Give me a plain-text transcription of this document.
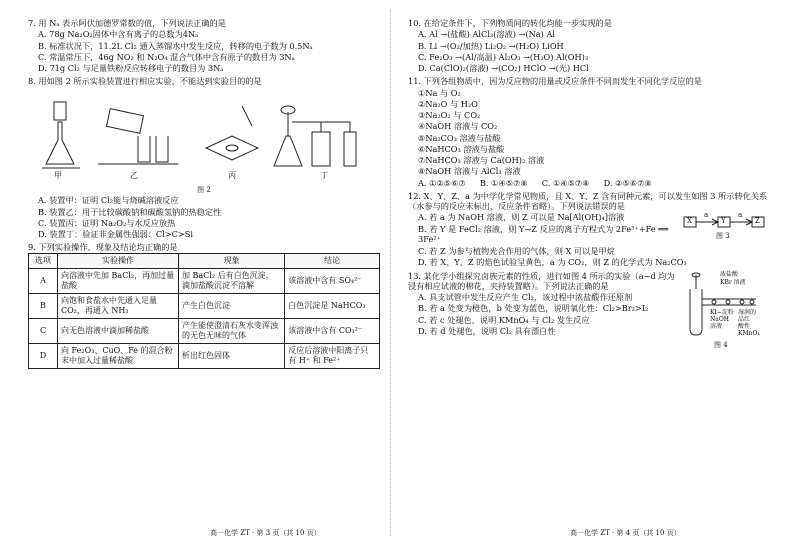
7. 用 Nₐ 表示阿伏加德罗常数的值，下列说法正确的是
A. 78g Na₂O₂固体中含有离子的总数为4Nₐ
B. 标准状况下，11.2L Cl₂ 通入蒸馏水中发生反应，转移的电子数为 0.5Nₐ
C. 常温常压下，46g NO₂ 和 N₂O₄ 混合气体中含有原子的数目为 3Nₐ
D. 71g Cl₂ 与足量铁粉反应转移电子的数目为 3Nₐ
8. 用如图 2 所示实验装置进行相应实验，不能达到实验目的的是
甲	乙	丙	丁
图 2
A. 装置甲：证明 Cl₂能与烧碱溶液反应
B. 装置乙：用于比较碳酸钠和碳酸氢钠的热稳定性
C. 装置丙：证明 Na₂O₂与水反应放热
D. 装置丁：验证非金属性强弱：Cl>C>Si
9. 下列实验操作、现象及结论均正确的是
选项	实验操作	现象	结论
A	向溶液中先加 BaCl₂，再加过量盐酸	加 BaCl₂ 后有白色沉淀，滴加盐酸沉淀不溶解	该溶液中含有 SO₄²⁻
B	向饱和食盐水中先通入足量 CO₂，再通入 NH₃	产生白色沉淀	白色沉淀是 NaHCO₃
C	向无色溶液中滴加稀盐酸	产生能使澄清石灰水变浑浊的无色无味的气体	该溶液中含有 CO₃²⁻
D	向 Fe₂O₃、CuO、Fe 的混合粉末中加入过量稀盐酸	析出红色固体	反应后溶液中阳离子只有 H⁺ 和 Fe²⁺
高一化学 ZT · 第 3 页（共 10 页）
10. 在给定条件下，下列物质间的转化均能一步实现的是
A. Al →(盐酸) AlCl₃(溶液) →(Na) Al
B. Li →(O₂/加热) Li₂O₂ →(H₂O) LiOH
C. Fe₂O₃ →(Al/高温) Al₂O₃ →(H₂O) Al(OH)₃
D. Ca(ClO)₂(溶液) →(CO₂) HClO →(光) HCl
11. 下列各组物质中，因为反应物的用量或反应条件不同而发生不同化学反应的是
①Na 与 O₂
②Na₂O 与 H₂O
③Na₂O₂ 与 CO₂
④NaOH 溶液与 CO₂
⑤Na₂CO₃ 溶液与盐酸
⑥NaHCO₃ 溶液与盐酸
⑦NaHCO₃ 溶液与 Ca(OH)₂ 溶液
⑧NaOH 溶液与 AlCl₃ 溶液
A. ①②⑤⑥⑦ B. ①④⑤⑦⑧ C. ①④⑤⑦⑧ D. ②⑤⑥⑦⑧
12. X、Y、Z、a 为中学化学常见物质，且 X、Y、Z 含有同种元素，可以发生如图 3 所示转化关系（水参与的反应未标出，反应条件省略）。下列说法错误的是
A. 若 a 为 NaOH 溶液，则 Z 可以是 Na[Al(OH)₄]溶液
B. 若 Y 是 FeCl₂ 溶液，则 Y→Z 反应的离子方程式为 2Fe³⁺+Fe ══ 3Fe²⁺
X
a
Y
a
Z
图 3
C. 若 Z 为参与植物光合作用的气体，则 X 可以是甲烷
D. 若 X、Y、Z 的焰色试验呈黄色，a 为 CO₂，则 Z 的化学式为 Na₂CO₃
13. 某化学小组探究卤族元素的性质，进行如图 4 所示的实验（a~d 均为浸有相应试液的棉花，夹持装置略）。下列说法正确的是
A. 具支试管中发生反应产生 Cl₂，该过程中浓盐酸作还原剂
B. 若 a 处变为橙色，b 处变为蓝色，说明氧化性：Cl₂>Br₂>I₂
C. 若 c 处褪色，说明 KMnO₄ 与 Cl₂ 发生反应
D. 若 d 处褪色，说明 Cl₂ 具有漂白性
浓盐酸
KBr 溶液
KI−淀粉 湿润的
品红
NaOH
溶液	酸性
KMnO₄
图 4
高一化学 ZT · 第 4 页（共 10 页）
